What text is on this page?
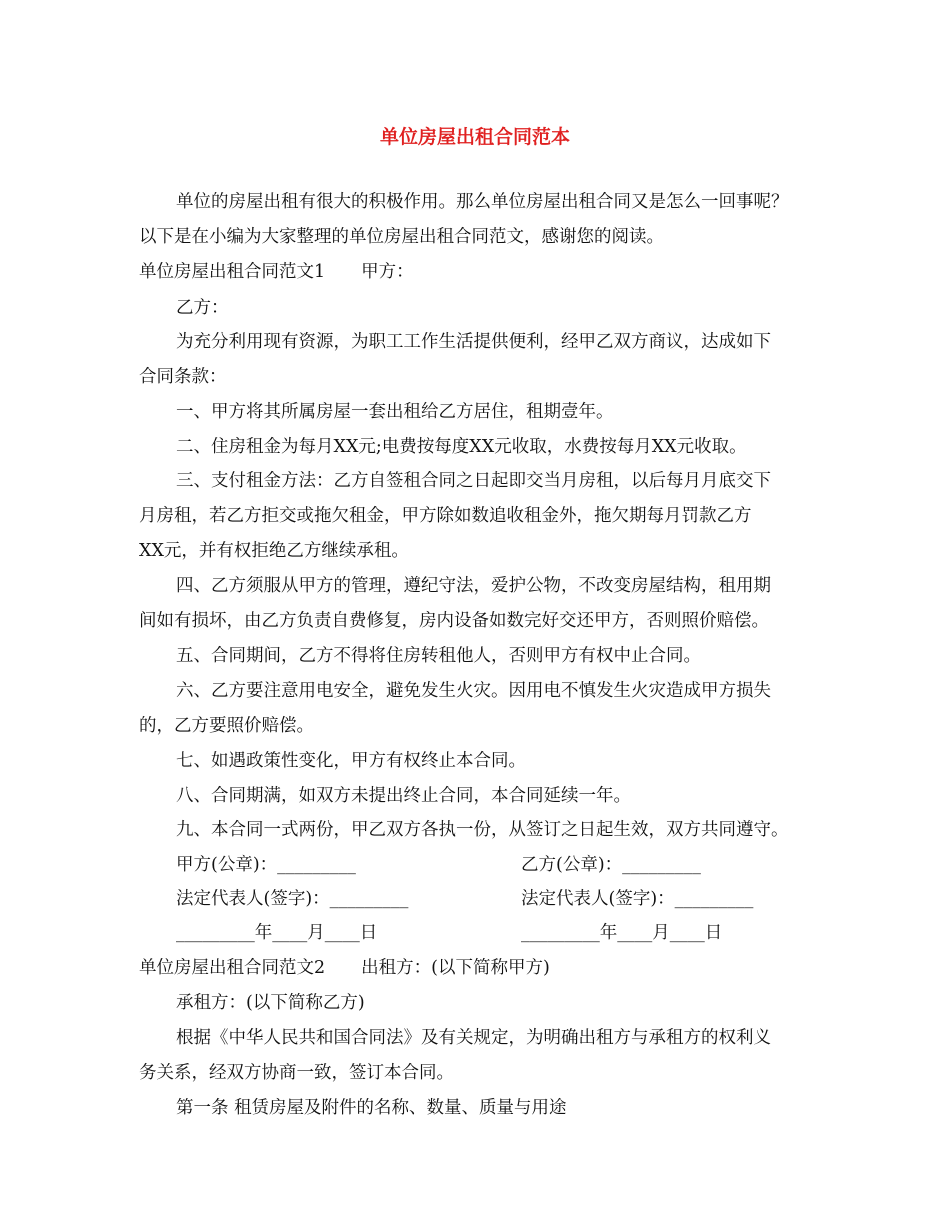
单位房屋出租合同范本
单位的房屋出租有很大的积极作用。那么单位房屋出租合同又是怎么一回事呢？
以下是在小编为大家整理的单位房屋出租合同范文，感谢您的阅读。
单位房屋出租合同范文1 甲方：
乙方：
为充分利用现有资源，为职工工作生活提供便利，经甲乙双方商议，达成如下
合同条款：
一、甲方将其所属房屋一套出租给乙方居住，租期壹年。
二、住房租金为每月XX元;电费按每度XX元收取，水费按每月XX元收取。
三、支付租金方法：乙方自签租合同之日起即交当月房租，以后每月月底交下
月房租，若乙方拒交或拖欠租金，甲方除如数追收租金外，拖欠期每月罚款乙方
XX元，并有权拒绝乙方继续承租。
四、乙方须服从甲方的管理，遵纪守法，爱护公物，不改变房屋结构，租用期
间如有损坏，由乙方负责自费修复，房内设备如数完好交还甲方，否则照价赔偿。
五、合同期间，乙方不得将住房转租他人，否则甲方有权中止合同。
六、乙方要注意用电安全，避免发生火灾。因用电不慎发生火灾造成甲方损失
的，乙方要照价赔偿。
七、如遇政策性变化，甲方有权终止本合同。
八、合同期满，如双方未提出终止合同，本合同延续一年。
九、本合同一式两份，甲乙双方各执一份，从签订之日起生效，双方共同遵守。
甲方(公章)：_________	乙方(公章)：_________
法定代表人(签字)：_________	法定代表人(签字)：_________
_________年____月____日	_________年____月____日
单位房屋出租合同范文2 出租方：(以下简称甲方)
承租方：(以下简称乙方)
根据《中华人民共和国合同法》及有关规定，为明确出租方与承租方的权利义
务关系，经双方协商一致，签订本合同。
第一条 租赁房屋及附件的名称、数量、质量与用途
